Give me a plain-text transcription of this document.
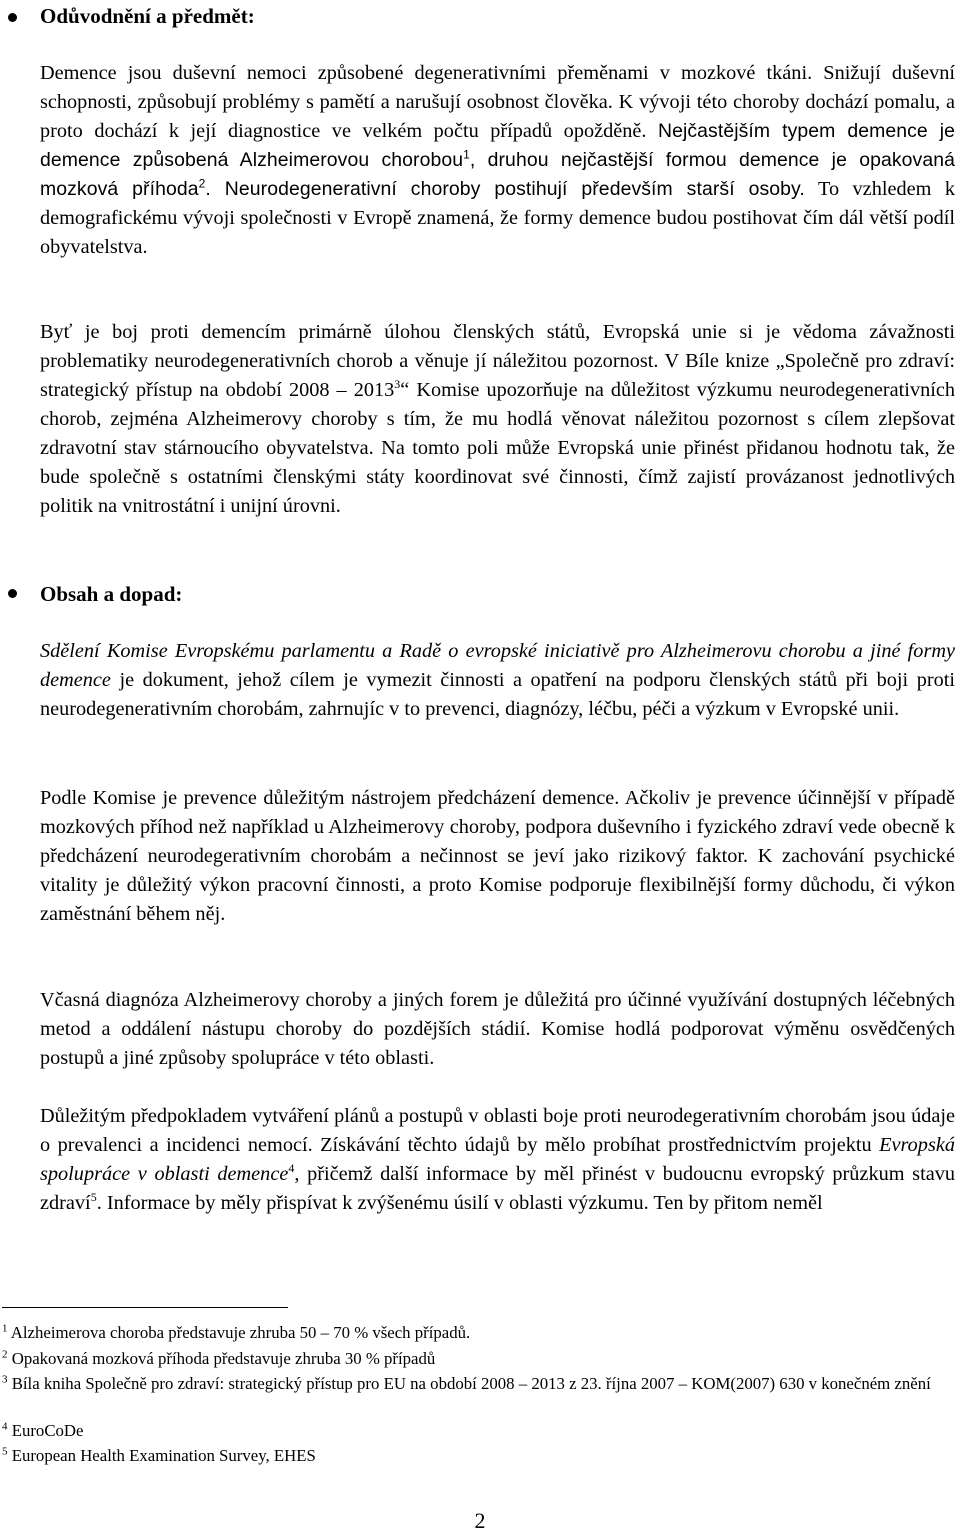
Odůvodnění a předmět:

Demence jsou duševní nemoci způsobené degenerativními přeměnami v mozkové tkáni. Snižují duševní schopnosti, způsobují problémy s pamětí a narušují osobnost člověka. K vývoji této choroby dochází pomalu, a proto dochází k její diagnostice ve velkém počtu případů opožděně. Nejčastějším typem demence je demence způsobená Alzheimerovou chorobou$^1$, druhou nejčastější formou demence je opakovaná mozková příhoda$^2$. Neurodegenerativní choroby postihují především starší osoby. To vzhledem k demografickému vývoji společnosti v Evropě znamená, že formy demence budou postihovat čím dál větší podíl obyvatelstva.

Byť je boj proti demencím primárně úlohou členských států, Evropská unie si je vědoma závažnosti problematiky neurodegenerativních chorob a věnuje jí náležitou pozornost. V Bíle knize „Společně pro zdraví: strategický přístup na období 2008 – 2013$^3$“ Komise upozorňuje na důležitost výzkumu neurodegenerativních chorob, zejména Alzheimerovy choroby s tím, že mu hodlá věnovat náležitou pozornost s cílem zlepšovat zdravotní stav stárnoucího obyvatelstva. Na tomto poli může Evropská unie přinést přidanou hodnotu tak, že bude společně s ostatními členskými státy koordinovat své činnosti, čímž zajistí provázanost jednotlivých politik na vnitrostátní i unijní úrovni.

Obsah a dopad:

Sdělení Komise Evropskému parlamentu a Radě o evropské iniciativě pro Alzheimerovu chorobu a jiné formy demence je dokument, jehož cílem je vymezit činnosti a opatření na podporu členských států při boji proti neurodegenerativním chorobám, zahrnujíc v to prevenci, diagnózy, léčbu, péči a výzkum v Evropské unii.

Podle Komise je prevence důležitým nástrojem předcházení demence. Ačkoliv je prevence účinnější v případě mozkových příhod než například u Alzheimerovy choroby, podpora duševního i fyzického zdraví vede obecně k předcházení neurodegerativním chorobám a nečinnost se jeví jako rizikový faktor. K zachování psychické vitality je důležitý výkon pracovní činnosti, a proto Komise podporuje flexibilnější formy důchodu, či výkon zaměstnání během něj.

Včasná diagnóza Alzheimerovy choroby a jiných forem je důležitá pro účinné využívání dostupných léčebných metod a oddálení nástupu choroby do pozdějších stádií. Komise hodlá podporovat výměnu osvědčených postupů a jiné způsoby spolupráce v této oblasti.

Důležitým předpokladem vytváření plánů a postupů v oblasti boje proti neurodegerativním chorobám jsou údaje o prevalenci a incidenci nemocí. Získávání těchto údajů by mělo probíhat prostřednictvím projektu Evropská spolupráce v oblasti demence$^4$, přičemž další informace by měl přinést v budoucnu evropský průzkum stavu zdraví$^5$. Informace by měly přispívat k zvýšenému úsilí v oblasti výzkumu. Ten by přitom neměl

$^1$ Alzheimerova choroba představuje zhruba 50 – 70 % všech případů.

$^2$ Opakovaná mozková příhoda představuje zhruba 30 % případů

$^3$ Bíla kniha Společně pro zdraví: strategický přístup pro EU na období 2008 – 2013 z 23. října 2007 – KOM(2007) 630 v konečném znění

$^4$ EuroCoDe

$^5$ European Health Examination Survey, EHES

2
